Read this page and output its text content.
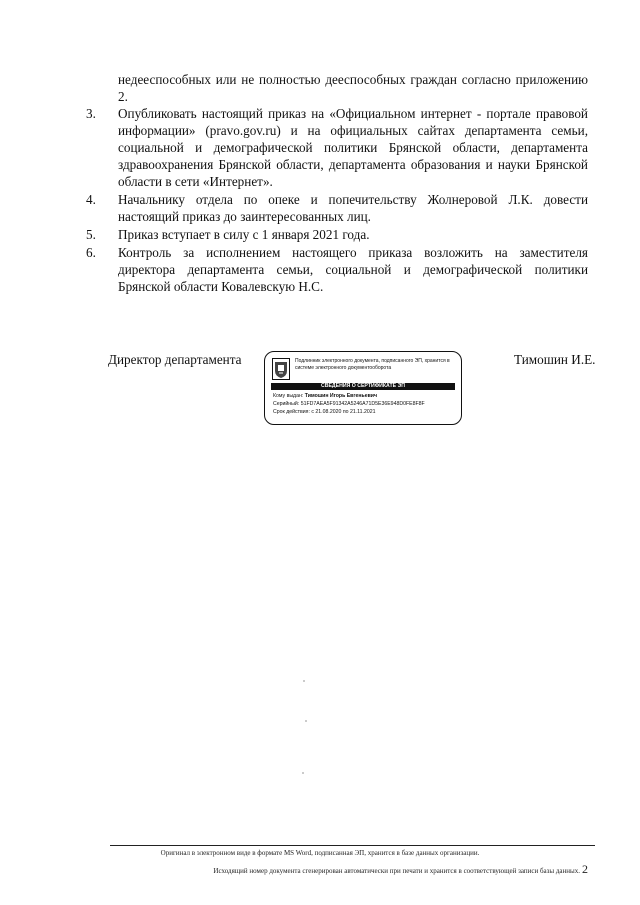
недееспособных или не полностью дееспособных граждан согласно приложению 2.
3.	Опубликовать настоящий приказ на «Официальном интернет - портале правовой информации» (pravo.gov.ru) и на официальных сайтах департамента семьи, социальной и демографической политики Брянской области, департамента здравоохранения Брянской области, департамента образования и науки Брянской области в сети «Интернет».
4.	Начальнику отдела по опеке и попечительству Жолнеровой Л.К. довести настоящий приказ до заинтересованных лиц.
5.	Приказ вступает в силу с 1 января 2021 года.
6.	Контроль за исполнением настоящего приказа возложить на заместителя директора департамента семьи, социальной и демографической политики Брянской области Ковалевскую Н.С.
Директор департамента	Подлинник электронного документа, подписанного ЭП, хранится в системе электронного документооборота
СВЕДЕНИЯ О СЕРТИФИКАТЕ ЭП
Кому выдан: Тимошин Игорь Евгеньевич
Серийный: 51FD7AEA5F91342A5246A71D5E36E948D0FE8F8F
Срок действия: с 21.08.2020 по 21.11.2021
Тимошин И.Е.
Оригинал в электронном виде в формате MS Word, подписанная ЭП, хранится в базе данных организации.
Исходящий номер документа сгенерирован автоматически при печати и хранится в соответствующей записи базы данных. 2
